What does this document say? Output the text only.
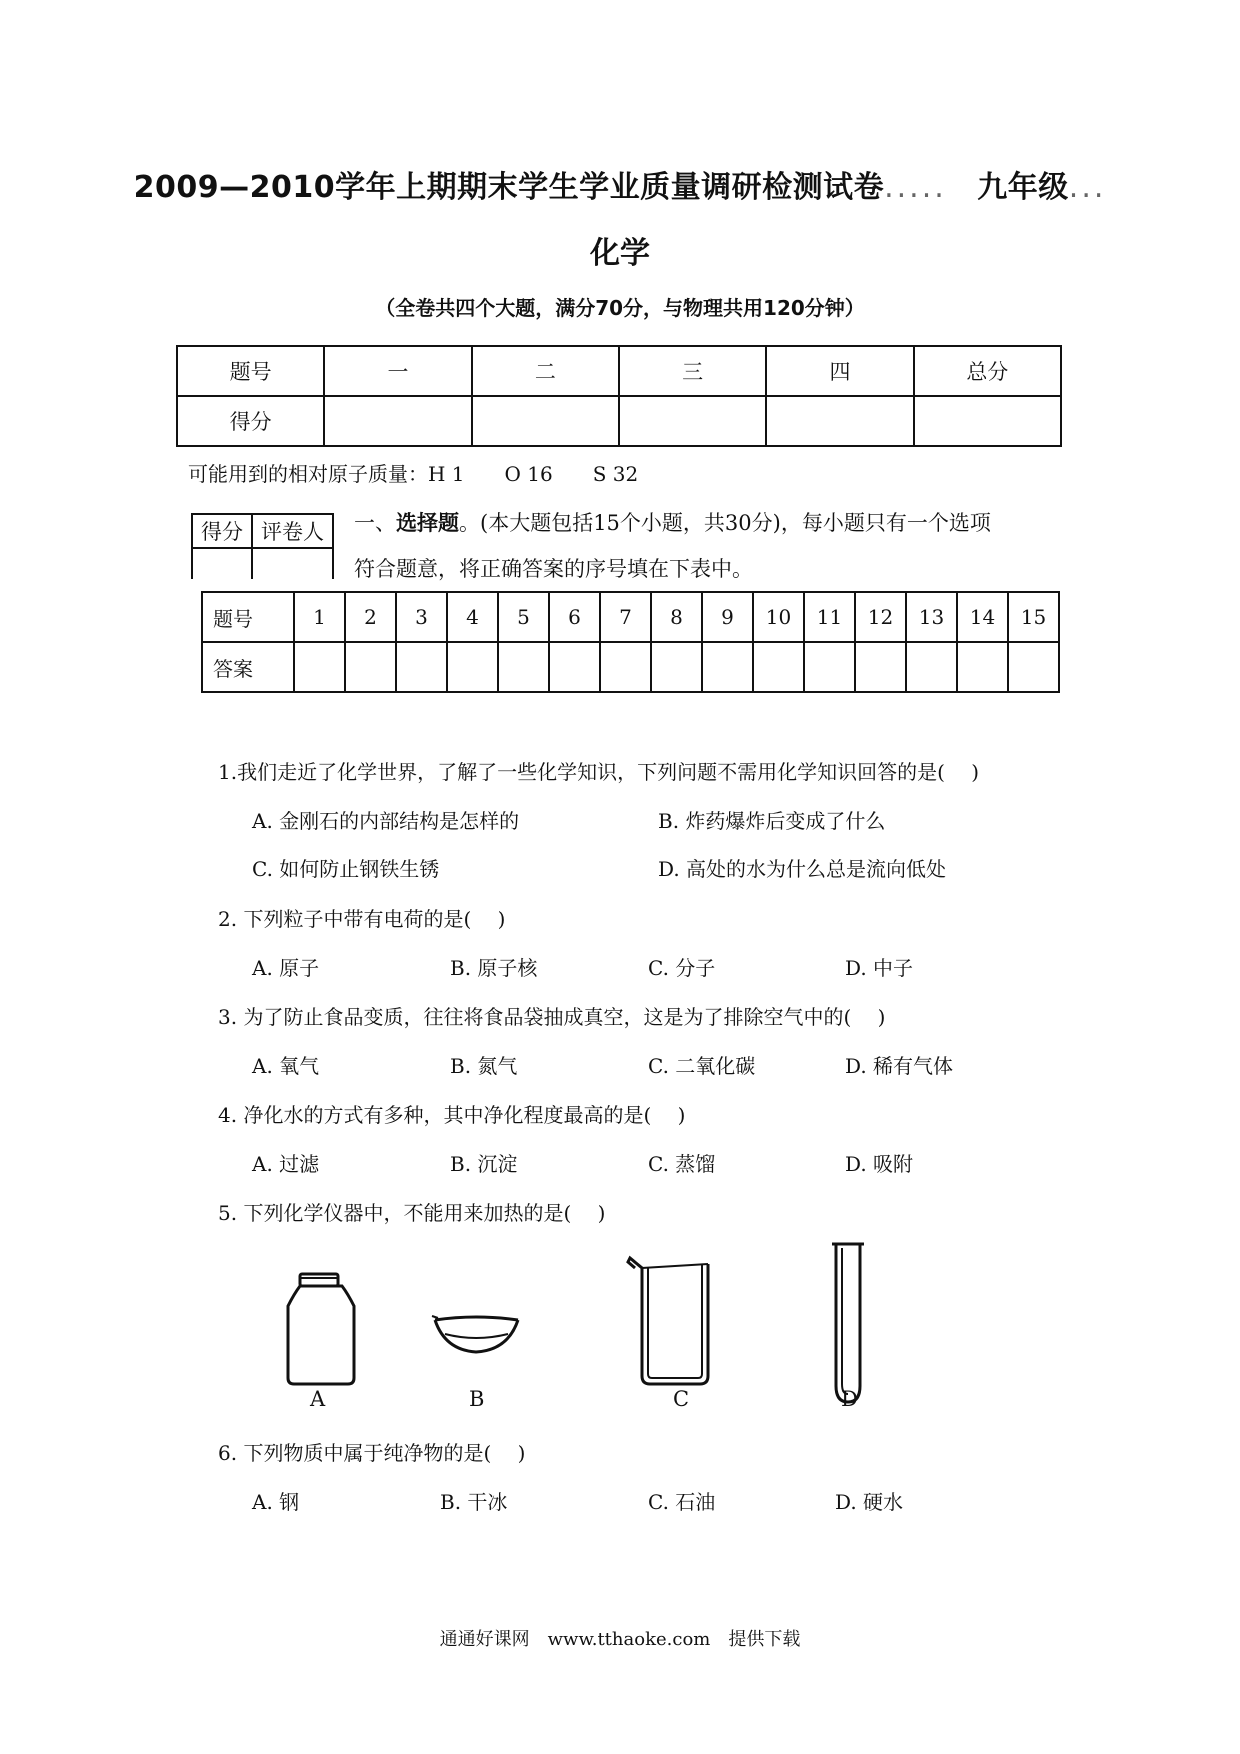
2009—2010学年上期期末学生学业质量调研检测试卷.....　 九年级...
化学
（全卷共四个大题，满分70分，与物理共用120分钟）
题号	一	二	三	四	总分
得分					
可能用到的相对原子质量：H 1　　O 16　　S 32
得分	评卷人
	一、选择题。(本大题包括15个小题，共30分)，每小题只有一个选项
符合题意，将正确答案的序号填在下表中。
题号	1	2	3	4	5	6	7	8	9	10	11	12	13	14	15
答案															
1.我们走近了化学世界，了解了一些化学知识，下列问题不需用化学知识回答的是(　 )
A. 金刚石的内部结构是怎样的	B. 炸药爆炸后变成了什么
C. 如何防止钢铁生锈	D. 高处的水为什么总是流向低处
2. 下列粒子中带有电荷的是(　 )
A. 原子	B. 原子核	C. 分子	D. 中子
3. 为了防止食品变质，往往将食品袋抽成真空，这是为了排除空气中的(　 )
A. 氧气	B. 氮气	C. 二氧化碳	D. 稀有气体
4. 净化水的方式有多种，其中净化程度最高的是(　 )
A. 过滤	B. 沉淀	C. 蒸馏	D. 吸附
5. 下列化学仪器中，不能用来加热的是(　 )
A	B	C	D
6. 下列物质中属于纯净物的是(　 )
A. 钢	B. 干冰	C. 石油	D. 硬水
通通好课网　www.tthaoke.com　提供下载
